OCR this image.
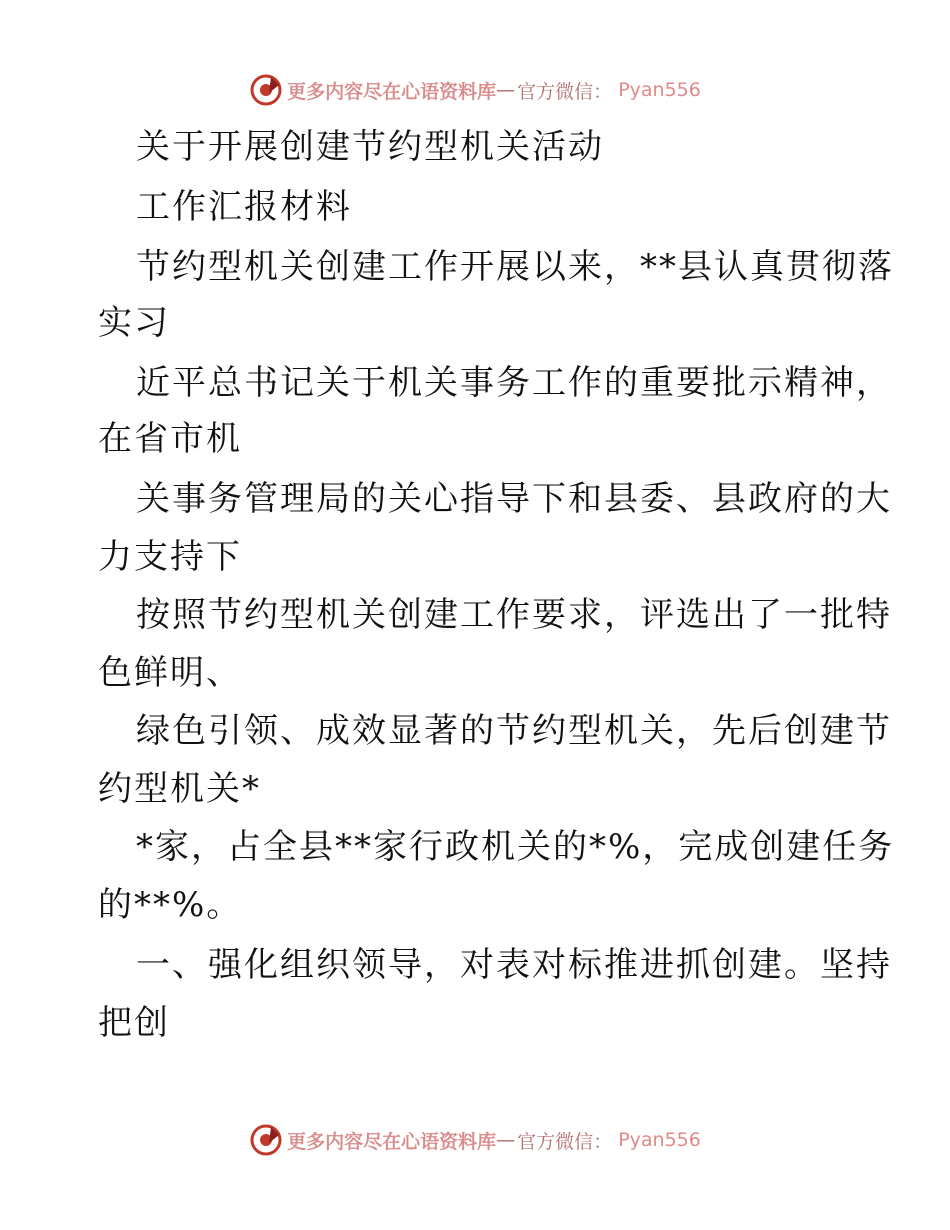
更多内容尽在心语资料库 — 官方微信： Pyan556
关于开展创建节约型机关活动
工作汇报材料
节约型机关创建工作开展以来，**县认真贯彻落
实习
近平总书记关于机关事务工作的重要批示精神，
在省市机
关事务管理局的关心指导下和县委、县政府的大
力支持下
按照节约型机关创建工作要求，评选出了一批特
色鲜明、
绿色引领、成效显著的节约型机关，先后创建节
约型机关*
*家，占全县**家行政机关的*%，完成创建任务
的**%。
一、强化组织领导，对表对标推进抓创建。坚持
把创
更多内容尽在心语资料库 — 官方微信： Pyan556
